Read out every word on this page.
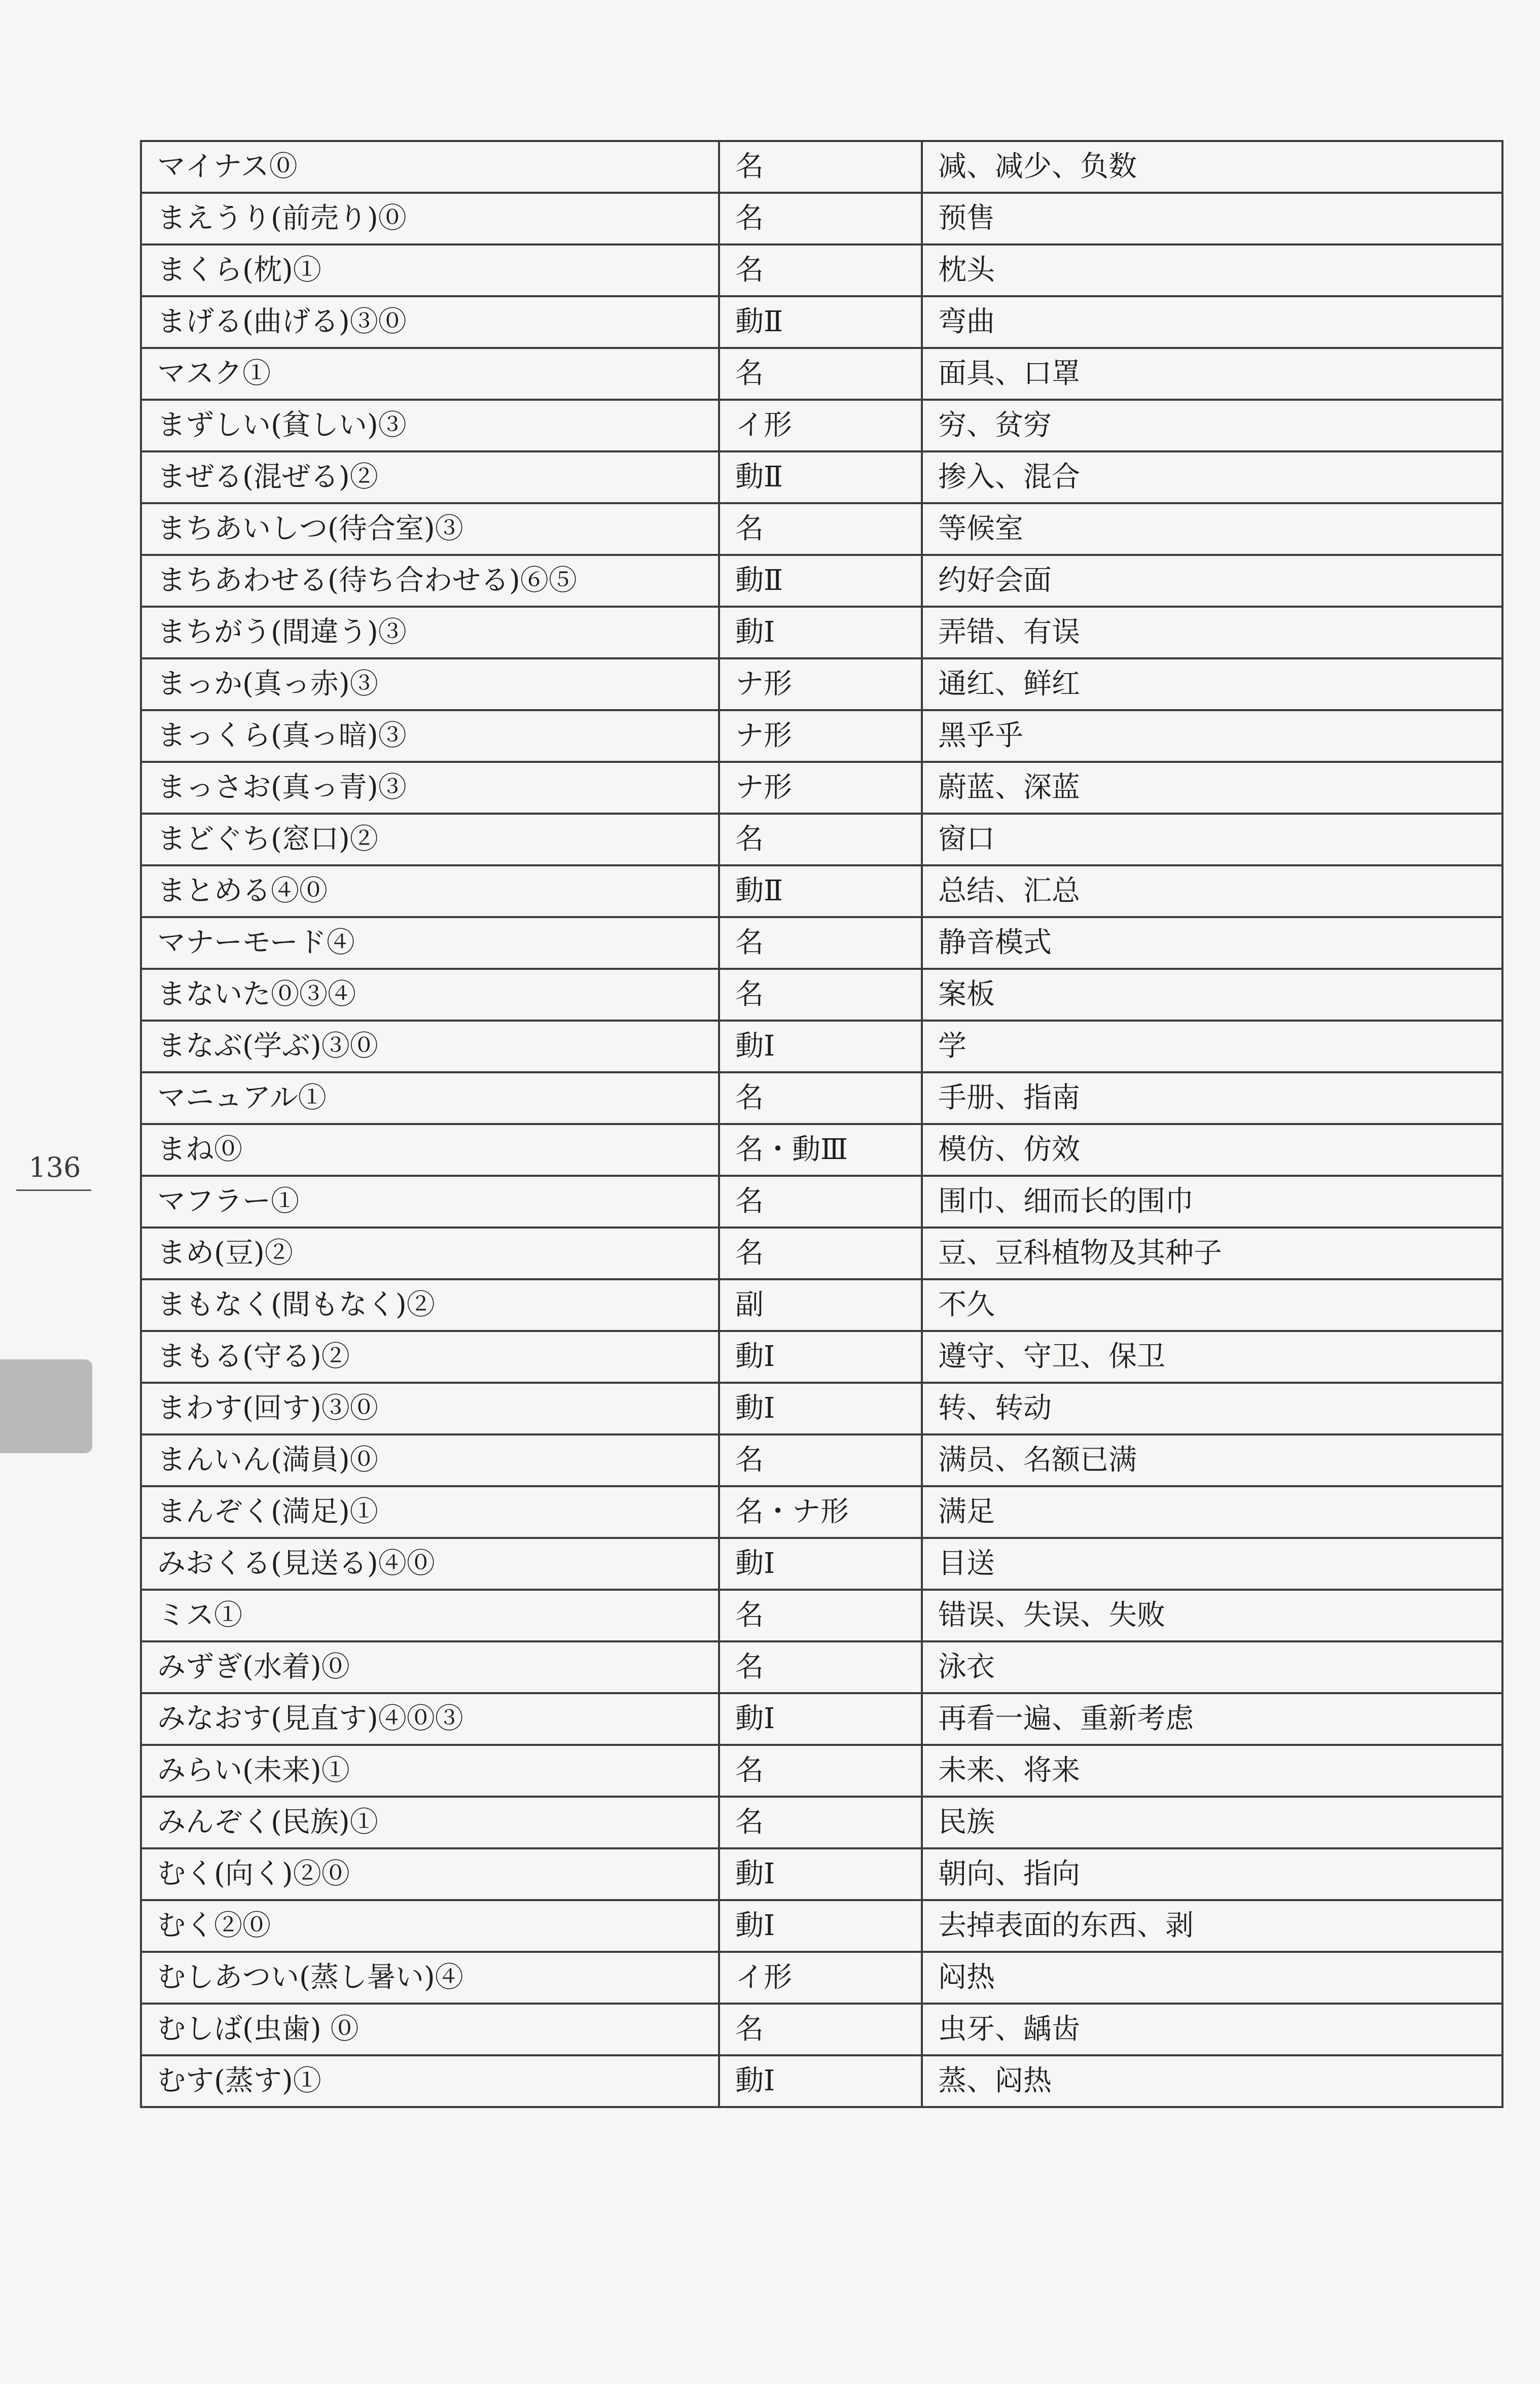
136
マイナス⓪	名	减、减少、负数
まえうり(前売り)⓪	名	预售
まくら(枕)①	名	枕头
まげる(曲げる)③⓪	動Ⅱ	弯曲
マスク①	名	面具、口罩
まずしい(貧しい)③	イ形	穷、贫穷
まぜる(混ぜる)②	動Ⅱ	掺入、混合
まちあいしつ(待合室)③	名	等候室
まちあわせる(待ち合わせる)⑥⑤	動Ⅱ	约好会面
まちがう(間違う)③	動Ⅰ	弄错、有误
まっか(真っ赤)③	ナ形	通红、鲜红
まっくら(真っ暗)③	ナ形	黑乎乎
まっさお(真っ青)③	ナ形	蔚蓝、深蓝
まどぐち(窓口)②	名	窗口
まとめる④⓪	動Ⅱ	总结、汇总
マナーモード④	名	静音模式
まないた⓪③④	名	案板
まなぶ(学ぶ)③⓪	動Ⅰ	学
マニュアル①	名	手册、指南
まね⓪	名・動Ⅲ	模仿、仿效
マフラー①	名	围巾、细而长的围巾
まめ(豆)②	名	豆、豆科植物及其种子
まもなく(間もなく)②	副	不久
まもる(守る)②	動Ⅰ	遵守、守卫、保卫
まわす(回す)③⓪	動Ⅰ	转、转动
まんいん(満員)⓪	名	满员、名额已满
まんぞく(満足)①	名・ナ形	满足
みおくる(見送る)④⓪	動Ⅰ	目送
ミス①	名	错误、失误、失败
みずぎ(水着)⓪	名	泳衣
みなおす(見直す)④⓪③	動Ⅰ	再看一遍、重新考虑
みらい(未来)①	名	未来、将来
みんぞく(民族)①	名	民族
むく(向く)②⓪	動Ⅰ	朝向、指向
むく②⓪	動Ⅰ	去掉表面的东西、剥
むしあつい(蒸し暑い)④	イ形	闷热
むしば(虫歯) ⓪	名	虫牙、龋齿
むす(蒸す)①	動Ⅰ	蒸、闷热
